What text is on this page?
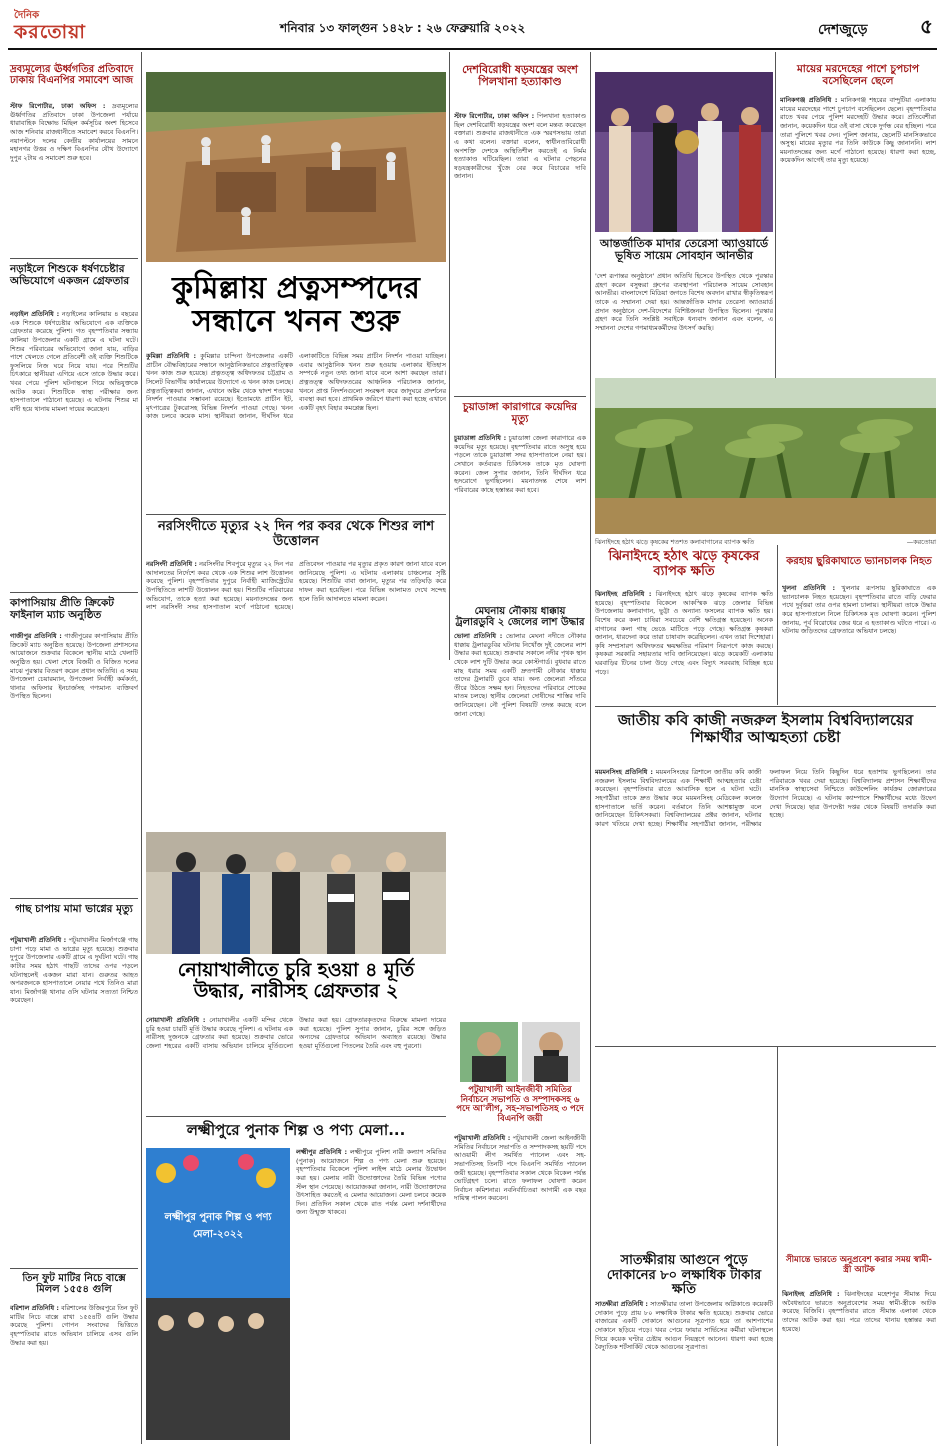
দৈনিক
করতোয়া	শনিবার ১৩ ফাল্গুন ১৪২৮ : ২৬ ফেব্রুয়ারি ২০২২	দেশজুড়ে	৫
দ্রব্যমূল্যের ঊর্ধ্বগতির প্রতিবাদে ঢাকায় বিএনপির সমাবেশ আজ
স্টাফ রিপোর্টার, ঢাকা অফিস : দ্রব্যমূল্যের ঊর্ধ্বগতির প্রতিবাদে ঢাকা উপজেলা পর্যায়ে ধারাবাহিক বিক্ষোভ মিছিল কর্মসূচির অংশ হিসেবে আজ শনিবার রাজধানীতে সমাবেশ করবে বিএনপি। নয়াপল্টনে দলের কেন্দ্রীয় কার্যালয়ের সামনে মহানগর উত্তর ও দক্ষিণ বিএনপির যৌথ উদ্যোগে দুপুর ২টায় এ সমাবেশ শুরু হবে।
নড়াইলে শিশুকে ধর্ষণচেষ্টার অভিযোগে একজন গ্রেফতার
নড়াইল প্রতিনিধি : নড়াইলের কালিয়ায় ৪ বছরের এক শিশুকে ধর্ষণচেষ্টার অভিযোগে এক ব্যক্তিকে গ্রেফতার করেছে পুলিশ। গত বৃহস্পতিবার সন্ধ্যায় কালিয়া উপজেলার একটি গ্রামে এ ঘটনা ঘটে। শিশুর পরিবারের অভিযোগে জানা যায়, বাড়ির পাশে খেলতে গেলে প্রতিবেশী ওই ব্যক্তি শিশুটিকে ফুসলিয়ে নিজ ঘরে নিয়ে যায়। পরে শিশুটির চিৎকারে স্থানীয়রা এগিয়ে এসে তাকে উদ্ধার করে। খবর পেয়ে পুলিশ ঘটনাস্থলে গিয়ে অভিযুক্তকে আটক করে। শিশুটিকে স্বাস্থ্য পরীক্ষার জন্য হাসপাতালে পাঠানো হয়েছে। এ ঘটনায় শিশুর মা বাদী হয়ে থানায় মামলা দায়ের করেছেন।
কাপাসিয়ায় প্রীতি ক্রিকেট ফাইনাল ম্যাচ অনুষ্ঠিত
গাজীপুর প্রতিনিধি : গাজীপুরের কাপাসিয়ায় প্রীতি ক্রিকেট ম্যাচ অনুষ্ঠিত হয়েছে। উপজেলা প্রশাসনের আয়োজনে শুক্রবার বিকেলে স্থানীয় মাঠে খেলাটি অনুষ্ঠিত হয়। খেলা শেষে বিজয়ী ও বিজিত দলের মাঝে পুরস্কার বিতরণ করেন প্রধান অতিথি। এ সময় উপজেলা চেয়ারম্যান, উপজেলা নির্বাহী কর্মকর্তা, থানার অফিসার ইনচার্জসহ গণ্যমান্য ব্যক্তিবর্গ উপস্থিত ছিলেন।
গাছ চাপায় মামা ভাগ্নের মৃত্যু
পটুয়াখালী প্রতিনিধি : পটুয়াখালীর মির্জাগঞ্জে গাছ চাপা পড়ে মামা ও ভাগ্নের মৃত্যু হয়েছে। শুক্রবার দুপুরে উপজেলার একটি গ্রামে এ দুর্ঘটনা ঘটে। গাছ কাটার সময় হঠাৎ গাছটি তাদের ওপর পড়লে ঘটনাস্থলেই একজন মারা যান। গুরুতর আহত অপরজনকে হাসপাতালে নেয়ার পথে তিনিও মারা যান। মির্জাগঞ্জ থানার ওসি ঘটনার সত্যতা নিশ্চিত করেছেন।
তিন ফুট মাটির নিচে বাক্সে মিলল ১৫৫৪ গুলি
বরিশাল প্রতিনিধি : বরিশালের উজিরপুরে তিন ফুট মাটির নিচে বাক্সে রাখা ১৫৫৪টি গুলি উদ্ধার করেছে পুলিশ। গোপন সংবাদের ভিত্তিতে বৃহস্পতিবার রাতে অভিযান চালিয়ে এসব গুলি উদ্ধার করা হয়।
কুমিল্লায় প্রত্নসম্পদের
সন্ধানে খনন শুরু
কুমিল্লা প্রতিনিধি : কুমিল্লার চান্দিনা উপজেলার একটি প্রাচীন বৌদ্ধবিহারের সন্ধানে আনুষ্ঠানিকভাবে প্রত্নতাত্ত্বিক খনন কাজ শুরু হয়েছে। প্রত্নতত্ত্ব অধিদফতর চট্টগ্রাম ও সিলেট বিভাগীয় কার্যালয়ের উদ্যোগে এ খনন কাজ চলছে। প্রত্নতাত্ত্বিকরা জানান, এখানে অষ্টম থেকে দ্বাদশ শতকের নিদর্শন পাওয়ার সম্ভাবনা রয়েছে। ইতোমধ্যে প্রাচীন ইট, মৃৎপাত্রের টুকরোসহ বিভিন্ন নিদর্শন পাওয়া গেছে। খনন কাজ চলবে কয়েক মাস। স্থানীয়রা জানান, দীর্ঘদিন ধরে এলাকাটিতে বিভিন্ন সময় প্রাচীন নিদর্শন পাওয়া যাচ্ছিল। এবার আনুষ্ঠানিক খনন শুরু হওয়ায় এলাকার ইতিহাস সম্পর্কে নতুন তথ্য জানা যাবে বলে আশা করছেন তারা। প্রত্নতত্ত্ব অধিদফতরের আঞ্চলিক পরিচালক জানান, খননে প্রাপ্ত নিদর্শনগুলো সংরক্ষণ করে জাদুঘরে প্রদর্শনের ব্যবস্থা করা হবে। প্রাথমিক জরিপে ধারণা করা হচ্ছে এখানে একটি বৃহৎ বিহার কমপ্লেক্স ছিল।
নরসিংদীতে মৃত্যুর ২২ দিন পর কবর থেকে শিশুর লাশ উত্তোলন
নরসিংদী প্রতিনিধি : নরসিংদীর শিবপুরে মৃত্যুর ২২ দিন পর আদালতের নির্দেশে কবর থেকে এক শিশুর লাশ উত্তোলন করেছে পুলিশ। বৃহস্পতিবার দুপুরে নির্বাহী ম্যাজিস্ট্রেটের উপস্থিতিতে লাশটি উত্তোলন করা হয়। শিশুটির পরিবারের অভিযোগ, তাকে হত্যা করা হয়েছে। ময়নাতদন্তের জন্য লাশ নরসিংদী সদর হাসপাতাল মর্গে পাঠানো হয়েছে। প্রতিবেদন পাওয়ার পর মৃত্যুর প্রকৃত কারণ জানা যাবে বলে জানিয়েছে পুলিশ। এ ঘটনায় এলাকায় চাঞ্চল্যের সৃষ্টি হয়েছে। শিশুটির বাবা জানান, মৃত্যুর পর তড়িঘড়ি করে দাফন করা হয়েছিল। পরে বিভিন্ন আলামত দেখে সন্দেহ হলে তিনি আদালতে মামলা করেন।
নোয়াখালীতে চুরি হওয়া ৪ মূর্তি
উদ্ধার, নারীসহ গ্রেফতার ২
নোয়াখালী প্রতিনিধি : নোয়াখালীর একটি মন্দির থেকে চুরি হওয়া চারটি মূর্তি উদ্ধার করেছে পুলিশ। এ ঘটনায় এক নারীসহ দুজনকে গ্রেফতার করা হয়েছে। শুক্রবার ভোরে জেলা শহরের একটি বাসায় অভিযান চালিয়ে মূর্তিগুলো উদ্ধার করা হয়। গ্রেফতারকৃতদের বিরুদ্ধে মামলা দায়ের করা হয়েছে। পুলিশ সুপার জানান, চুরির সঙ্গে জড়িত অন্যদের গ্রেফতারে অভিযান অব্যাহত রয়েছে। উদ্ধার হওয়া মূর্তিগুলো পিতলের তৈরি এবং বহু পুরনো।
লক্ষ্মীপুরে পুনাক শিল্প ও পণ্য মেলা...
লক্ষ্মীপুর পুনাক শিল্প ও পণ্য মেলা-২০২২
লক্ষ্মীপুর প্রতিনিধি : লক্ষ্মীপুরে পুলিশ নারী কল্যাণ সমিতির (পুনাক) আয়োজনে শিল্প ও পণ্য মেলা শুরু হয়েছে। বৃহস্পতিবার বিকেলে পুলিশ লাইন্স মাঠে মেলার উদ্বোধন করা হয়। মেলায় নারী উদ্যোক্তাদের তৈরি বিভিন্ন পণ্যের স্টল স্থান পেয়েছে। আয়োজকরা জানান, নারী উদ্যোক্তাদের উৎসাহিত করতেই এ মেলার আয়োজন। মেলা চলবে কয়েক দিন। প্রতিদিন সকাল থেকে রাত পর্যন্ত মেলা দর্শনার্থীদের জন্য উন্মুক্ত থাকবে।
দেশবিরোধী ষড়যন্ত্রের অংশ পিলখানা হত্যাকাণ্ড
স্টাফ রিপোর্টার, ঢাকা অফিস : পিলখানা হত্যাকাণ্ড ছিল দেশবিরোধী ষড়যন্ত্রের অংশ বলে মন্তব্য করেছেন বক্তারা। শুক্রবার রাজধানীতে এক স্মরণসভায় তারা এ কথা বলেন। বক্তারা বলেন, স্বাধীনতাবিরোধী অপশক্তি দেশকে অস্থিতিশীল করতেই এ নির্মম হত্যাকাণ্ড ঘটিয়েছিল। তারা এ ঘটনার পেছনের ষড়যন্ত্রকারীদের খুঁজে বের করে বিচারের দাবি জানান।
চুয়াডাঙ্গা কারাগারে কয়েদির মৃত্যু
চুয়াডাঙ্গা প্রতিনিধি : চুয়াডাঙ্গা জেলা কারাগারে এক কয়েদির মৃত্যু হয়েছে। বৃহস্পতিবার রাতে অসুস্থ হয়ে পড়লে তাকে চুয়াডাঙ্গা সদর হাসপাতালে নেয়া হয়। সেখানে কর্তব্যরত চিকিৎসক তাকে মৃত ঘোষণা করেন। জেল সুপার জানান, তিনি দীর্ঘদিন ধরে হৃদরোগে ভুগছিলেন। ময়নাতদন্ত শেষে লাশ পরিবারের কাছে হস্তান্তর করা হবে।
মেঘনায় নৌকায় ধাক্কায় ট্রলারডুবি ২ জেলের লাশ উদ্ধার
ভোলা প্রতিনিধি : ভোলার মেঘনা নদীতে নৌকার ধাক্কায় ট্রলারডুবির ঘটনায় নিখোঁজ দুই জেলের লাশ উদ্ধার করা হয়েছে। শুক্রবার সকালে নদীর পৃথক স্থান থেকে লাশ দুটি উদ্ধার করে কোস্টগার্ড। বুধবার রাতে মাছ ধরার সময় একটি দ্রুতগামী নৌকার ধাক্কায় তাদের ট্রলারটি ডুবে যায়। অন্য জেলেরা সাঁতরে তীরে উঠতে সক্ষম হন। নিহতদের পরিবারে শোকের মাতম চলছে। স্থানীয় জেলেরা দোষীদের শাস্তির দাবি জানিয়েছেন। নৌ পুলিশ বিষয়টি তদন্ত করছে বলে জানা গেছে।
পটুয়াখালী আইনজীবী সমিতির নির্বাচনে সভাপতি ও সম্পাদকসহ ৬ পদে আ'লীগ, সহ-সভাপতিসহ ৩ পদে বিএনপি জয়ী
পটুয়াখালী প্রতিনিধি : পটুয়াখালী জেলা আইনজীবী সমিতির নির্বাচনে সভাপতি ও সম্পাদকসহ ছয়টি পদে আওয়ামী লীগ সমর্থিত প্যানেল এবং সহ-সভাপতিসহ তিনটি পদে বিএনপি সমর্থিত প্যানেল জয়ী হয়েছে। বৃহস্পতিবার সকাল থেকে বিকেল পর্যন্ত ভোটগ্রহণ চলে। রাতে ফলাফল ঘোষণা করেন নির্বাচন কমিশনার। নবনির্বাচিতরা আগামী এক বছর দায়িত্ব পালন করবেন।
মায়ের মরদেহের পাশে চুপচাপ বসেছিলেন ছেলে
মানিকগঞ্জ প্রতিনিধি : মানিকগঞ্জ শহরের বান্দুটিয়া এলাকায় মায়ের মরদেহের পাশে চুপচাপ বসেছিলেন ছেলে। বৃহস্পতিবার রাতে খবর পেয়ে পুলিশ মরদেহটি উদ্ধার করে। প্রতিবেশীরা জানান, কয়েকদিন ধরে ওই বাসা থেকে দুর্গন্ধ বের হচ্ছিল। পরে তারা পুলিশে খবর দেন। পুলিশ জানায়, ছেলেটি মানসিকভাবে অসুস্থ। মায়ের মৃত্যুর পর তিনি কাউকে কিছু জানাননি। লাশ ময়নাতদন্তের জন্য মর্গে পাঠানো হয়েছে। ধারণা করা হচ্ছে, কয়েকদিন আগেই তার মৃত্যু হয়েছে।
আন্তর্জাতিক মাদার তেরেসা অ্যাওয়ার্ডে ভূষিত সায়েম সোবহান আনভীর
'দেশ রূপান্তর অনুষ্ঠানে' প্রধান অতিথি হিসেবে উপস্থিত থেকে পুরস্কার গ্রহণ করেন বসুন্ধরা গ্রুপের ব্যবস্থাপনা পরিচালক সায়েম সোবহান আনভীর। বাংলাদেশে মিডিয়া জগতে বিশেষ অবদান রাখার স্বীকৃতিস্বরূপ তাকে এ সম্মাননা দেয়া হয়। আন্তর্জাতিক মাদার তেরেসা অ্যাওয়ার্ড প্রদান অনুষ্ঠানে দেশ-বিদেশের বিশিষ্টজনরা উপস্থিত ছিলেন। পুরস্কার গ্রহণ করে তিনি সংশ্লিষ্ট সবাইকে ধন্যবাদ জানান এবং বলেন, এ সম্মাননা দেশের গণমাধ্যমকর্মীদের উৎসর্গ করছি।
ঝিনাইদহে হঠাৎ ঝড়ে কৃষকের শতশত কলাবাগানের ব্যাপক ক্ষতি	—করতোয়া
ঝিনাইদহে হঠাৎ ঝড়ে কৃষকের ব্যাপক ক্ষতি
ঝিনাইদহ প্রতিনিধি : ঝিনাইদহে হঠাৎ ঝড়ে কৃষকের ব্যাপক ক্ষতি হয়েছে। বৃহস্পতিবার বিকেলে আকস্মিক ঝড়ে জেলার বিভিন্ন উপজেলায় কলাবাগান, ভুট্টা ও অন্যান্য ফসলের ব্যাপক ক্ষতি হয়। বিশেষ করে কলা চাষিরা সবচেয়ে বেশি ক্ষতিগ্রস্ত হয়েছেন। অনেক বাগানের কলা গাছ ভেঙে মাটিতে পড়ে গেছে। ক্ষতিগ্রস্ত কৃষকরা জানান, ধারদেনা করে তারা চাষাবাদ করেছিলেন। এখন তারা দিশেহারা। কৃষি সম্প্রসারণ অধিদফতর ক্ষয়ক্ষতির পরিমাণ নিরূপণে কাজ করছে। কৃষকরা সরকারি সহায়তার দাবি জানিয়েছেন। ঝড়ে কয়েকটি এলাকায় ঘরবাড়ির টিনের চালা উড়ে গেছে এবং বিদ্যুৎ সরবরাহ বিচ্ছিন্ন হয়ে পড়ে।
করহায় ছুরিকাঘাতে ভ্যানচালক নিহত
খুলনা প্রতিনিধি : খুলনার রূপসায় ছুরিকাঘাতে এক ভ্যানচালক নিহত হয়েছেন। বৃহস্পতিবার রাতে বাড়ি ফেরার পথে দুর্বৃত্তরা তার ওপর হামলা চালায়। স্থানীয়রা তাকে উদ্ধার করে হাসপাতালে নিলে চিকিৎসক মৃত ঘোষণা করেন। পুলিশ জানায়, পূর্ব বিরোধের জের ধরে এ হত্যাকাণ্ড ঘটতে পারে। এ ঘটনায় জড়িতদের গ্রেফতারে অভিযান চলছে।
জাতীয় কবি কাজী নজরুল ইসলাম বিশ্ববিদ্যালয়ের শিক্ষার্থীর আত্মহত্যা চেষ্টা
ময়মনসিংহ প্রতিনিধি : ময়মনসিংহের ত্রিশালে জাতীয় কবি কাজী নজরুল ইসলাম বিশ্ববিদ্যালয়ের এক শিক্ষার্থী আত্মহত্যার চেষ্টা করেছেন। বৃহস্পতিবার রাতে আবাসিক হলে এ ঘটনা ঘটে। সহপাঠীরা তাকে দ্রুত উদ্ধার করে ময়মনসিংহ মেডিকেল কলেজ হাসপাতালে ভর্তি করেন। বর্তমানে তিনি আশঙ্কামুক্ত বলে জানিয়েছেন চিকিৎসকরা। বিশ্ববিদ্যালয়ের প্রক্টর জানান, ঘটনার কারণ খতিয়ে দেখা হচ্ছে। শিক্ষার্থীর সহপাঠীরা জানান, পরীক্ষার ফলাফল নিয়ে তিনি কিছুদিন ধরে হতাশায় ভুগছিলেন। তার পরিবারকে খবর দেয়া হয়েছে। বিশ্ববিদ্যালয় প্রশাসন শিক্ষার্থীদের মানসিক স্বাস্থ্যসেবা নিশ্চিতে কাউন্সেলিং কার্যক্রম জোরদারের উদ্যোগ নিয়েছে। এ ঘটনায় ক্যাম্পাসে শিক্ষার্থীদের মধ্যে উদ্বেগ দেখা দিয়েছে। ছাত্র উপদেষ্টা দপ্তর থেকে বিষয়টি তদারকি করা হচ্ছে।
সাতক্ষীরায় আগুনে পুড়ে দোকানের ৮০ লক্ষাধিক টাকার ক্ষতি
সাতক্ষীরা প্রতিনিধি : সাতক্ষীরার তালা উপজেলায় অগ্নিকাণ্ডে কয়েকটি দোকান পুড়ে প্রায় ৮০ লক্ষাধিক টাকার ক্ষতি হয়েছে। শুক্রবার ভোরে বাজারের একটি দোকানে আগুনের সূত্রপাত হয়ে তা আশপাশের দোকানে ছড়িয়ে পড়ে। খবর পেয়ে ফায়ার সার্ভিসের কর্মীরা ঘটনাস্থলে গিয়ে কয়েক ঘণ্টার চেষ্টায় আগুন নিয়ন্ত্রণে আনেন। ধারণা করা হচ্ছে বৈদ্যুতিক শর্টসার্কিট থেকে আগুনের সূত্রপাত।
সীমান্তে ভারতে অনুপ্রবেশ করার সময় স্বামী-স্ত্রী আটক
ঝিনাইদহ প্রতিনিধি : ঝিনাইদহের মহেশপুর সীমান্ত দিয়ে অবৈধভাবে ভারতে অনুপ্রবেশের সময় স্বামী-স্ত্রীকে আটক করেছে বিজিবি। বৃহস্পতিবার রাতে সীমান্ত এলাকা থেকে তাদের আটক করা হয়। পরে তাদের থানায় হস্তান্তর করা হয়েছে।
